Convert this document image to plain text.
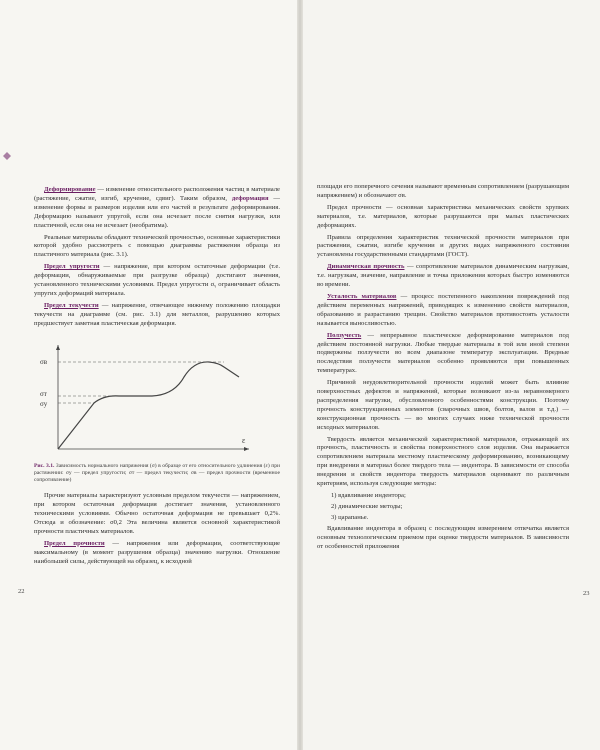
Деформирование — изменение относительного расположения частиц в материале (растяжение, сжатие, изгиб, кручение, сдвиг). Таким образом, деформация — изменение формы и размеров изделия или его частей в результате деформирования. Деформацию называют упругой, если она исчезает после снятия нагрузки, или пластичной, если она не исчезает (необратима).

Реальные материалы обладают технической прочностью, основные характеристики которой удобно рассмотреть с помощью диаграммы растяжения образца из пластичного материала (рис. 3.1).

Предел упругости — напряжение, при котором остаточные деформации (т.е. деформации, обнаруживаемые при разгрузке образца) достигают значения, установленного техническими условиями. Предел упругости σᵧ ограничивает область упругих деформаций материала.

Предел текучести — напряжение, отвечающее нижнему положению площадки текучести на диаграмме (см. рис. 3.1) для металлов, разрушению которых предшествует заметная пластическая деформация.

σв
σт
σу
ε
Рис. 3.1. Зависимость нормального напряжения (σ) в образце от его относительного удлинения (ε) при растяжении: σу — предел упругости; σт — предел текучести; σв — предел прочности (временное сопротивление)

Прочие материалы характеризуют условным пределом текучести — напряжением, при котором остаточная деформация достигает значения, установленного техническими условиями. Обычно остаточная деформация не превышает 0,2%. Отсюда и обозначение: σ0,2 Эта величина является основной характеристикой прочности пластичных материалов.

Предел прочности — напряжения или деформации, соответствующие максимальному (в момент разрушения образца) значению нагрузки. Отношение наибольшей силы, действующей на образец, к исходной

22

площади его поперечного сечения называют временным сопротивлением (разрушающим напряжением) и обозначают σв.

Предел прочности — основная характеристика механических свойств хрупких материалов, т.е. материалов, которые разрушаются при малых пластических деформациях.

Правила определения характеристик технической прочности материалов при растяжении, сжатии, изгибе кручении и других видах напряженного состояния установлены государственными стандартами (ГОСТ).

Динамическая прочность — сопротивление материалов динамическим нагрузкам, т.е. нагрузкам, значение, направление и точка приложения которых быстро изменяются во времени.

Усталость материалов — процесс постепенного накопления повреждений под действием переменных напряжений, приводящих к изменению свойств материалов, образованию и разрастанию трещин. Свойство материалов противостоять усталости называется выносливостью.

Ползучесть — непрерывное пластическое деформирование материалов под действием постоянной нагрузки. Любые твердые материалы в той или иной степени подвержены ползучести во всем диапазоне температур эксплуатации. Вредные последствия ползучести материалов особенно проявляются при повышенных температурах.

Причиной неудовлетворительной прочности изделий может быть влияние поверхностных дефектов и напряжений, которые возникают из-за неравномерного распределения нагрузки, обусловленного особенностями конструкции. Поэтому прочность конструкционных элементов (сварочных швов, болтов, валов и т.д.) — конструкционная прочность — во многих случаях ниже технической прочности исходных материалов.

Твердость является механической характеристикой материалов, отражающей их прочность, пластичность и свойства поверхностного слоя изделия. Она выражается сопротивлением материала местному пластическому деформированию, возникающему при внедрении в материал более твердого тела — индентора. В зависимости от способа внедрения и свойств индентора твердость материалов оценивают по различным критериям, используя следующие методы:

1) вдавливание индентора;
2) динамические методы;
3) царапанье.

Вдавливание индентора в образец с последующим измерением отпечатка является основным технологическим приемом при оценке твердости материалов. В зависимости от особенностей приложения

23
